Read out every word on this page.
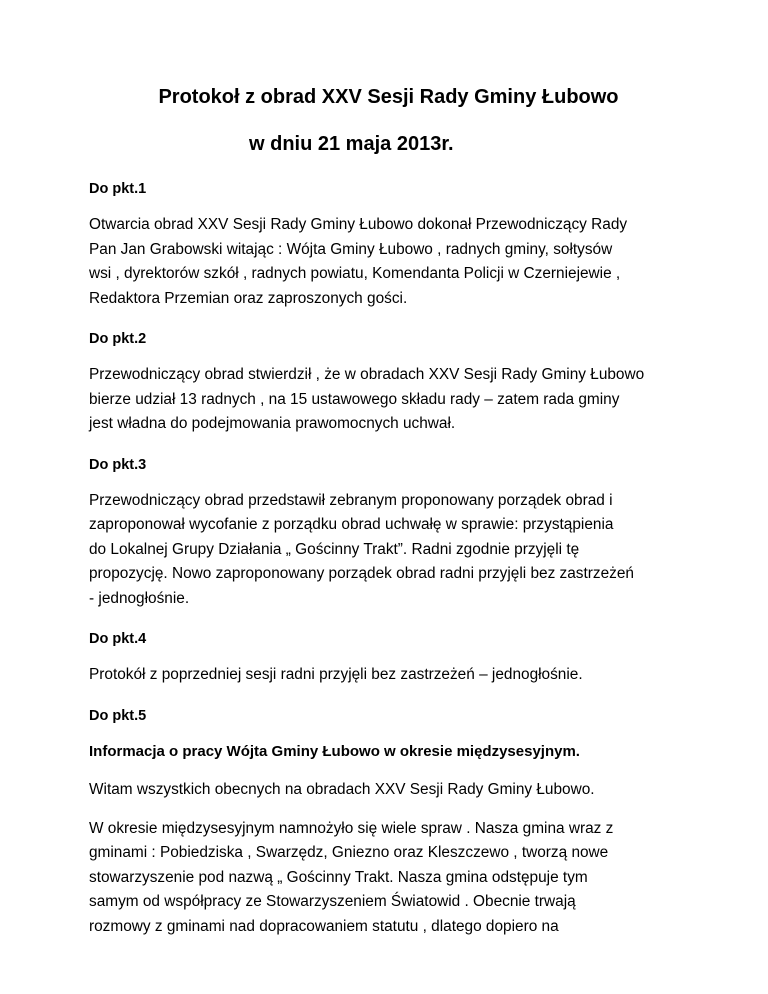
Protokoł z obrad XXV Sesji Rady Gminy Łubowo

w dniu 21 maja 2013r.

Do pkt.1

Otwarcia obrad XXV Sesji Rady Gminy Łubowo dokonał Przewodniczący Rady
Pan Jan Grabowski witając : Wójta Gminy Łubowo , radnych gminy, sołtysów
wsi , dyrektorów szkół , radnych powiatu, Komendanta Policji w Czerniejewie ,
Redaktora Przemian oraz zaproszonych gości.

Do pkt.2

Przewodniczący obrad stwierdził , że w obradach XXV Sesji Rady Gminy Łubowo
bierze udział 13 radnych , na 15 ustawowego składu rady – zatem rada gminy
jest władna do podejmowania prawomocnych uchwał.

Do pkt.3

Przewodniczący obrad przedstawił zebranym proponowany porządek obrad i
zaproponował wycofanie z porządku obrad uchwałę w sprawie: przystąpienia
do Lokalnej Grupy Działania „ Gościnny Trakt”. Radni zgodnie przyjęli tę
propozycję. Nowo zaproponowany porządek obrad radni przyjęli bez zastrzeżeń
- jednogłośnie.

Do pkt.4

Protokół z poprzedniej sesji radni przyjęli bez zastrzeżeń – jednogłośnie.

Do pkt.5

Informacja o pracy Wójta Gminy Łubowo w okresie międzysesyjnym.

Witam wszystkich obecnych na obradach XXV Sesji Rady Gminy Łubowo.

W okresie międzysesyjnym namnożyło się wiele spraw . Nasza gmina wraz z
gminami : Pobiedziska , Swarzędz, Gniezno oraz Kleszczewo , tworzą nowe
stowarzyszenie pod nazwą „ Gościnny Trakt. Nasza gmina odstępuje tym
samym od współpracy ze Stowarzyszeniem Światowid . Obecnie trwają
rozmowy z gminami nad dopracowaniem statutu , dlatego dopiero na
